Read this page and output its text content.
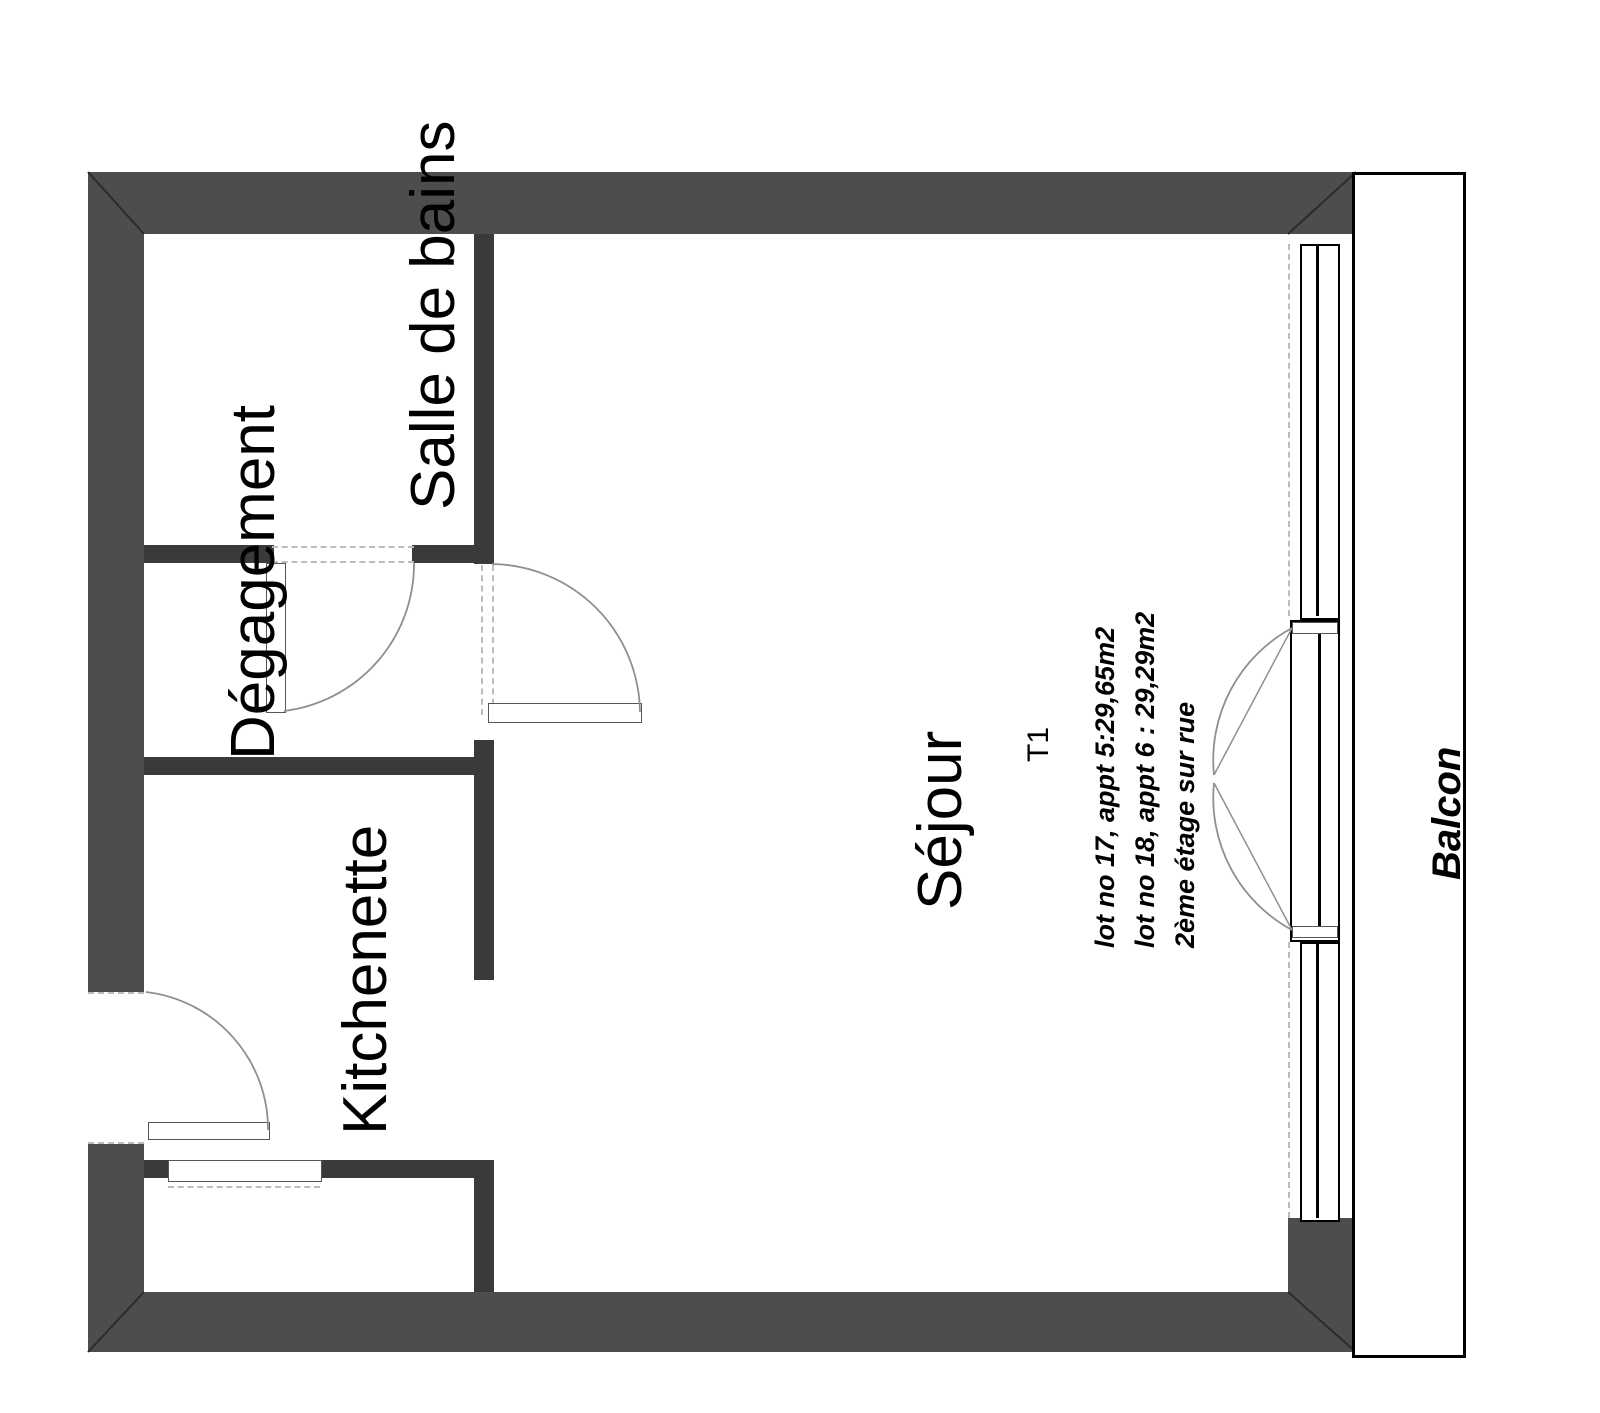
Salle de bains
Dégagement
Kitchenette
Séjour	Balcon
T1 lot no 17, appt 5:29,65m2 lot no 18, appt 6 : 29,29m2 2ème étage sur rue
